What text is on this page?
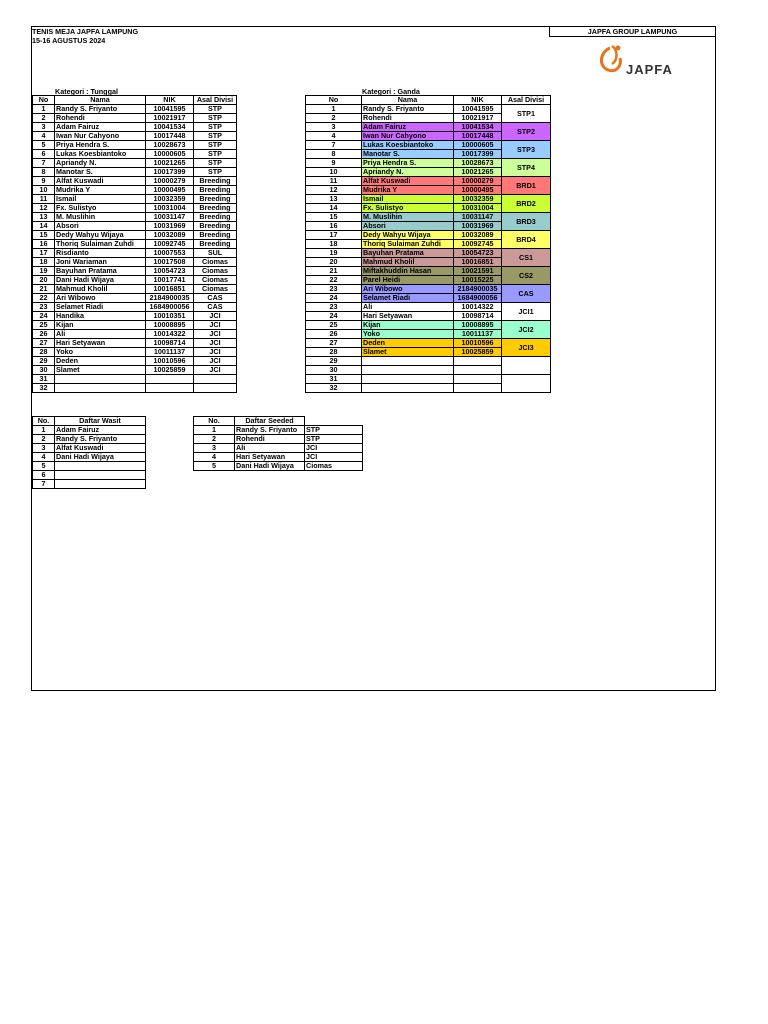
TENIS MEJA JAPFA LAMPUNG
15-16 AGUSTUS 2024
JAPFA GROUP LAMPUNG
JAPFA
Kategori : Tunggal
No	Nama	NIK	Asal Divisi
1	Randy S. Friyanto	10041595	STP
2	Rohendi	10021917	STP
3	Adam Fairuz	10041534	STP
4	Iwan Nur Cahyono	10017448	STP
5	Priya Hendra S.	10028673	STP
6	Lukas Koesbiantoko	10000605	STP
7	Apriandy N.	10021265	STP
8	Manotar S.	10017399	STP
9	Alfat Kuswadi	10000279	Breeding
10	Mudrika Y	10000495	Breeding
11	Ismail	10032359	Breeding
12	Fx. Sulistyo	10031004	Breeding
13	M. Muslihin	10031147	Breeding
14	Absori	10031969	Breeding
15	Dedy Wahyu Wijaya	10032089	Breeding
16	Thoriq Sulaiman Zuhdi	10092745	Breeding
17	Risdianto	10007553	SUL
18	Joni Wariaman	10017508	Ciomas
19	Bayuhan Pratama	10054723	Ciomas
20	Dani Hadi Wijaya	10017741	Ciomas
21	Mahmud Kholil	10016851	Ciomas
22	Ari Wibowo	2184900035	CAS
23	Selamet Riadi	1684900056	CAS
24	Handika	10010351	JCI
25	Kijan	10008895	JCI
26	Ali	10014322	JCI
27	Hari Setyawan	10098714	JCI
28	Yoko	10011137	JCI
29	Deden	10010596	JCI
30	Slamet	10025859	JCI
31			
32			
Kategori : Ganda
No	Nama	NIK	Asal Divisi
1	Randy S. Friyanto	10041595	STP1
2	Rohendi	10021917	
3	Adam Fairuz	10041534	STP2
4	Iwan Nur Cahyono	10017448	
7	Lukas Koesbiantoko	10000605	STP3
8	Manotar S.	10017399	
9	Priya Hendra S.	10028673	STP4
10	Apriandy N.	10021265	
11	Alfat Kuswadi	10000279	BRD1
12	Mudrika Y	10000495	
13	Ismail	10032359	BRD2
14	Fx. Sulistyo	10031004	
15	M. Muslihin	10031147	BRD3
16	Absori	10031969	
17	Dedy Wahyu Wijaya	10032089	BRD4
18	Thoriq Sulaiman Zuhdi	10092745	
19	Bayuhan Pratama	10054723	CS1
20	Mahmud Kholil	10016851	
21	Miftakhuddin Hasan	10021591	CS2
22	Parel Heidi	10015225	
23	Ari Wibowo	2184900035	CAS
24	Selamet Riadi	1684900056	
23	Ali	10014322	JCI1
24	Hari Setyawan	10098714	
25	Kijan	10008895	JCI2
26	Yoko	10011137	
27	Deden	10010596	JCI3
28	Slamet	10025859	
29			
30			
31			
32			
No.	Daftar Wasit
1	Adam Fairuz
2	Randy S. Friyanto
3	Alfat Kuswadi
4	Dani Hadi Wijaya
5	
6	
7	
No.	Daftar Seeded	
1	Randy S. Friyanto	STP
2	Rohendi	STP
3	Ali	JCI
4	Hari Setyawan	JCI
5	Dani Hadi Wijaya	Ciomas
